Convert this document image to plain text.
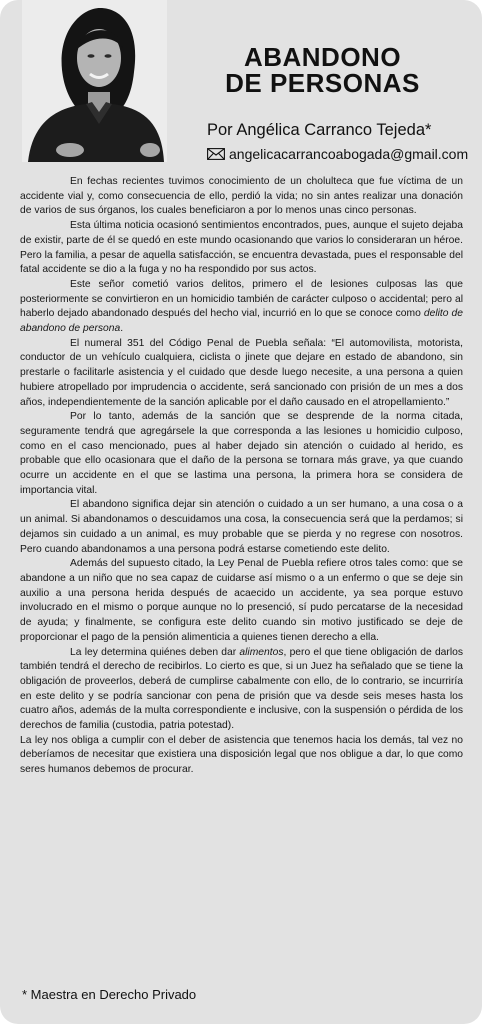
ABANDONO
DE PERSONAS
Por Angélica Carranco Tejeda*
angelicacarrancoabogada@gmail.com

En fechas recientes tuvimos conocimiento de un cholulteca que fue víctima de un accidente vial y, como consecuencia de ello, perdió la vida; no sin antes realizar una donación de varios de sus órganos, los cuales beneficiaron a por lo menos unas cinco personas.

Esta última noticia ocasionó sentimientos encontrados, pues, aunque el sujeto dejaba de existir, parte de él se quedó en este mundo ocasionando que varios lo consideraran un héroe. Pero la familia, a pesar de aquella satisfacción, se encuentra devastada, pues el responsable del fatal accidente se dio a la fuga y no ha respondido por sus actos.

Este señor cometió varios delitos, primero el de lesiones culposas las que posteriormente se convirtieron en un homicidio también de carácter culposo o accidental; pero al haberlo dejado abandonado después del hecho vial, incurrió en lo que se conoce como delito de abandono de persona.

El numeral 351 del Código Penal de Puebla señala: “El automovilista, motorista, conductor de un vehículo cualquiera, ciclista o jinete que dejare en estado de abandono, sin prestarle o facilitarle asistencia y el cuidado que desde luego necesite, a una persona a quien hubiere atropellado por imprudencia o accidente, será sancionado con prisión de un mes a dos años, independientemente de la sanción aplicable por el daño causado en el atropellamiento.”

Por lo tanto, además de la sanción que se desprende de la norma citada, seguramente tendrá que agregársele la que corresponda a las lesiones u homicidio culposo, como en el caso mencionado, pues al haber dejado sin atención o cuidado al herido, es probable que ello ocasionara que el daño de la persona se tornara más grave, ya que cuando ocurre un accidente en el que se lastima una persona, la primera hora se considera de importancia vital.

El abandono significa dejar sin atención o cuidado a un ser humano, a una cosa o a un animal. Si abandonamos o descuidamos una cosa, la consecuencia será que la perdamos; si dejamos sin cuidado a un animal, es muy probable que se pierda y no regrese con nosotros. Pero cuando abandonamos a una persona podrá estarse cometiendo este delito.

Además del supuesto citado, la Ley Penal de Puebla refiere otros tales como: que se abandone a un niño que no sea capaz de cuidarse así mismo o a un enfermo o que se deje sin auxilio a una persona herida después de acaecido un accidente, ya sea porque estuvo involucrado en el mismo o porque aunque no lo presenció, sí pudo percatarse de la necesidad de ayuda; y finalmente, se configura este delito cuando sin motivo justificado se deje de proporcionar el pago de la pensión alimenticia a quienes tienen derecho a ella.

La ley determina quiénes deben dar alimentos, pero el que tiene obligación de darlos también tendrá el derecho de recibirlos. Lo cierto es que, si un Juez ha señalado que se tiene la obligación de proveerlos, deberá de cumplirse cabalmente con ello, de lo contrario, se incurriría en este delito y se podría sancionar con pena de prisión que va desde seis meses hasta los cuatro años, además de la multa correspondiente e inclusive, con la suspensión o pérdida de los derechos de familia (custodia, patria potestad).

La ley nos obliga a cumplir con el deber de asistencia que tenemos hacia los demás, tal vez no deberíamos de necesitar que existiera una disposición legal que nos obligue a dar, lo que como seres humanos debemos de procurar.

* Maestra en Derecho Privado
